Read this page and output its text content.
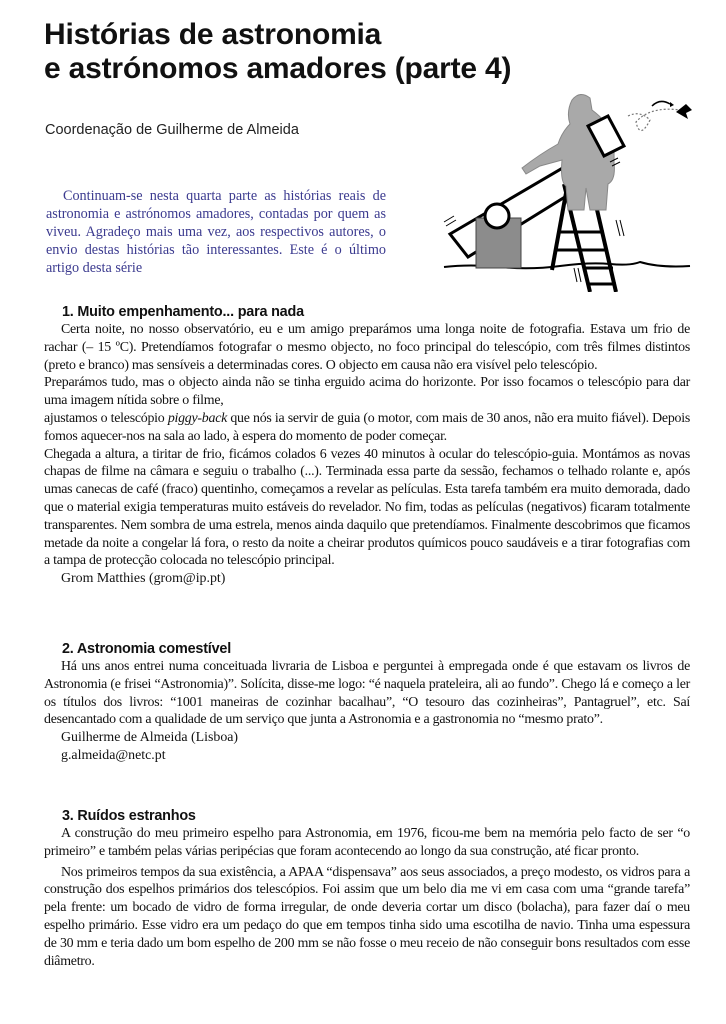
Histórias de astronomia
e astrónomos amadores (parte 4)
Coordenação de Guilherme de Almeida

Continuam-se nesta quarta parte as histórias reais de astronomia e astrónomos amadores, contadas por quem as viveu. Agradeço mais uma vez, aos respectivos autores, o envio destas histórias tão interessantes. Este é o último artigo desta série

1. Muito empenhamento... para nada

Certa noite, no nosso observatório, eu e um amigo preparámos uma longa noite de fotografia. Estava um frio de rachar (– 15 ºC). Pretendíamos fotografar o mesmo objecto, no foco principal do telescópio, com três filmes distintos (preto e branco) mas sensíveis a determinadas cores. O objecto em causa não era visível pelo telescópio.

Preparámos tudo, mas o objecto ainda não se tinha erguido acima do horizonte. Por isso focamos o telescópio para dar uma imagem nítida sobre o filme,

ajustamos o telescópio piggy-back que nós ia servir de guia (o motor, com mais de 30 anos, não era muito fiável). Depois fomos aquecer-nos na sala ao lado, à espera do momento de poder começar.

Chegada a altura, a tiritar de frio, ficámos colados 6 vezes 40 minutos à ocular do telescópio-guia. Montámos as novas chapas de filme na câmara e seguiu o trabalho (...). Terminada essa parte da sessão, fechamos o telhado rolante e, após umas canecas de café (fraco) quentinho, começamos a revelar as películas. Esta tarefa também era muito demorada, dado que o material exigia temperaturas muito estáveis do revelador. No fim, todas as películas (negativos) ficaram totalmente transparentes. Nem sombra de uma estrela, menos ainda daquilo que pretendíamos. Finalmente descobrimos que ficamos metade da noite a congelar lá fora, o resto da noite a cheirar produtos químicos pouco saudáveis e a tirar fotografias com a tampa de protecção colocada no telescópio principal.

Grom Matthies (grom@ip.pt)

2. Astronomia comestível

Há uns anos entrei numa conceituada livraria de Lisboa e perguntei à empregada onde é que estavam os livros de Astronomia (e frisei “Astronomia)”. Solícita, disse-me logo: “é naquela prateleira, ali ao fundo”. Chego lá e começo a ler os títulos dos livros: “1001 maneiras de cozinhar bacalhau”, “O tesouro das cozinheiras”, Pantagruel”, etc. Saí desencantado com a qualidade de um serviço que junta a Astronomia e a gastronomia no “mesmo prato”.

Guilherme de Almeida (Lisboa)

g.almeida@netc.pt

3. Ruídos estranhos

A construção do meu primeiro espelho para Astronomia, em 1976, ficou-me bem na memória pelo facto de ser “o primeiro” e também pelas várias peripécias que foram acontecendo ao longo da sua construção, até ficar pronto.

Nos primeiros tempos da sua existência, a APAA “dispensava” aos seus associados, a preço modesto, os vidros para a construção dos espelhos primários dos telescópios. Foi assim que um belo dia me vi em casa com uma “grande tarefa” pela frente: um bocado de vidro de forma irregular, de onde deveria cortar um disco (bolacha), para fazer daí o meu espelho primário. Esse vidro era um pedaço do que em tempos tinha sido uma escotilha de navio. Tinha uma espessura de 30 mm e teria dado um bom espelho de 200 mm se não fosse o meu receio de não conseguir bons resultados com esse diâmetro.
